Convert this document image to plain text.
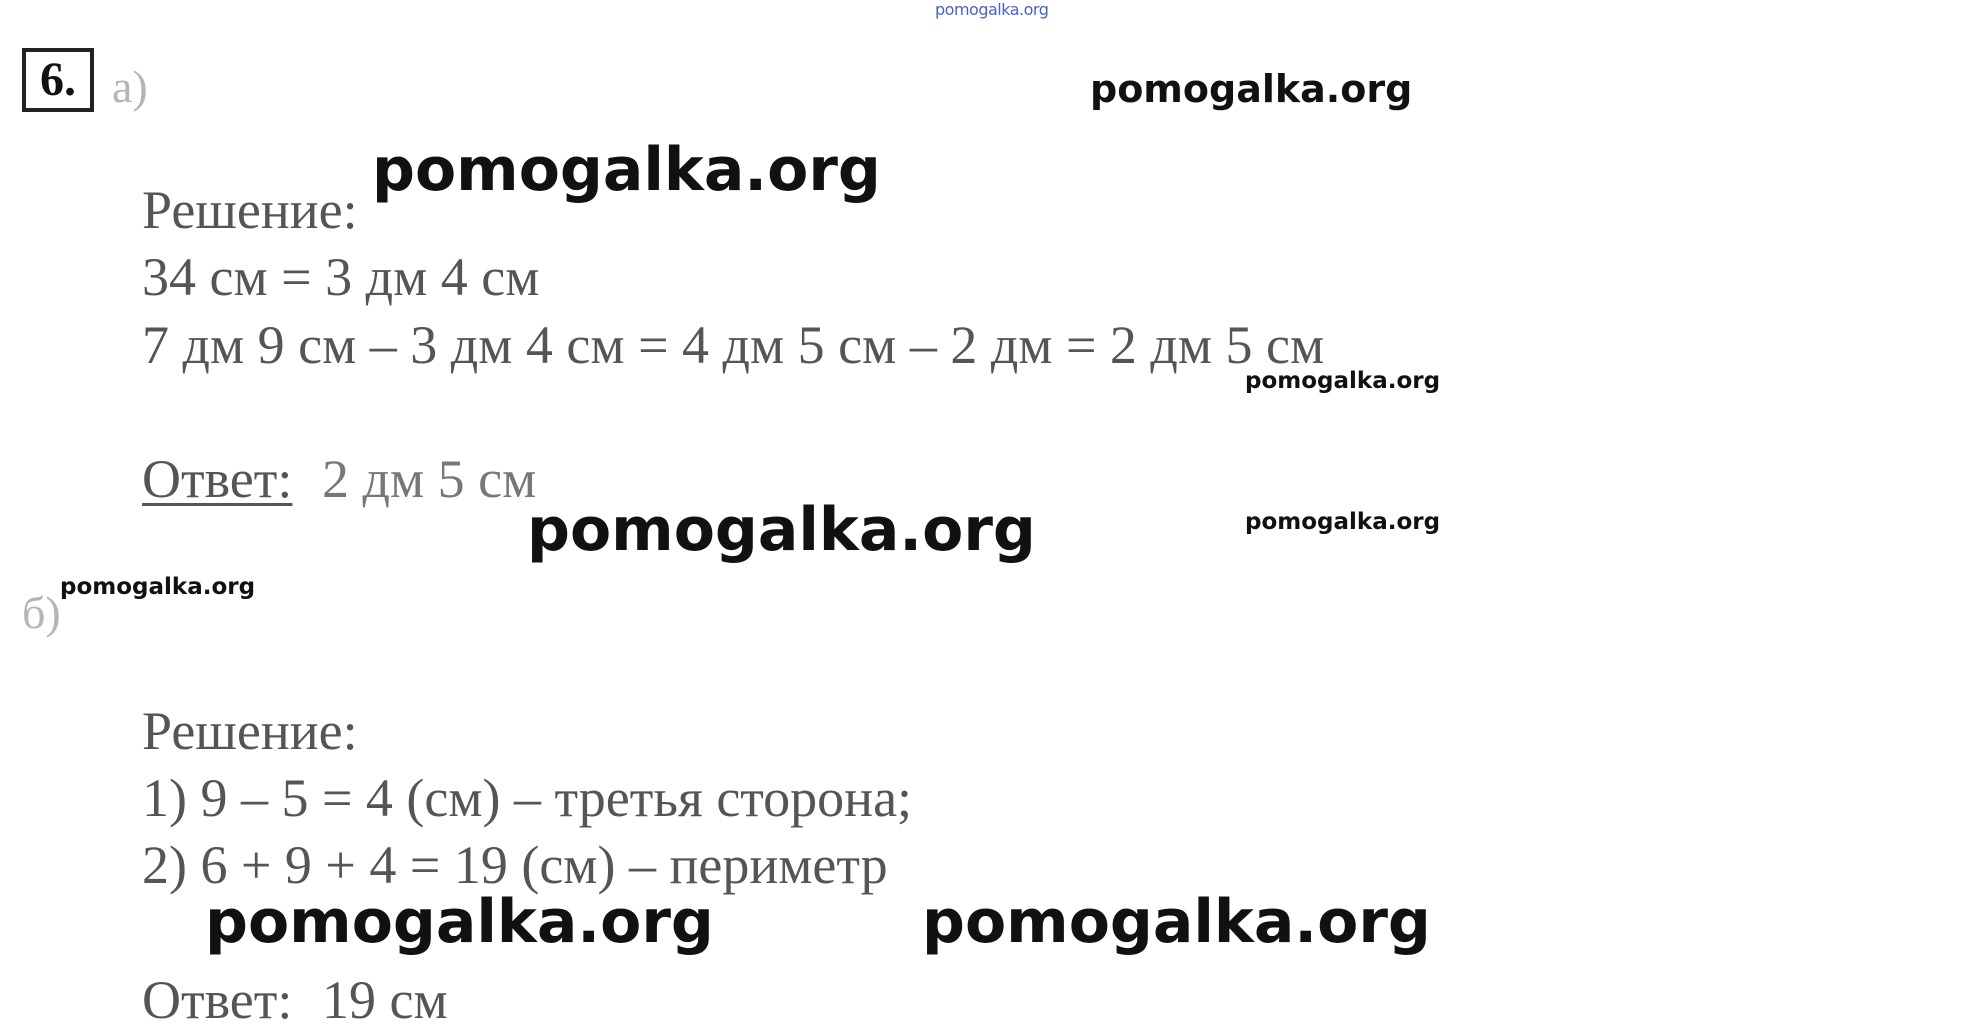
pomogalka.org
6. а)	pomogalka.org
Решение:
pomogalka.org
34 см = 3 дм 4 см
7 дм 9 см – 3 дм 4 см = 4 дм 5 см – 2 дм = 2 дм 5 см
pomogalka.org
Ответ: 2 дм 5 см
pomogalka.org	pomogalka.org
pomogalka.org
б)
Решение:
1) 9 – 5 = 4 (см) – третья сторона;
2) 6 + 9 + 4 = 19 (см) – периметр
pomogalka.org	pomogalka.org
Ответ: 19 см
